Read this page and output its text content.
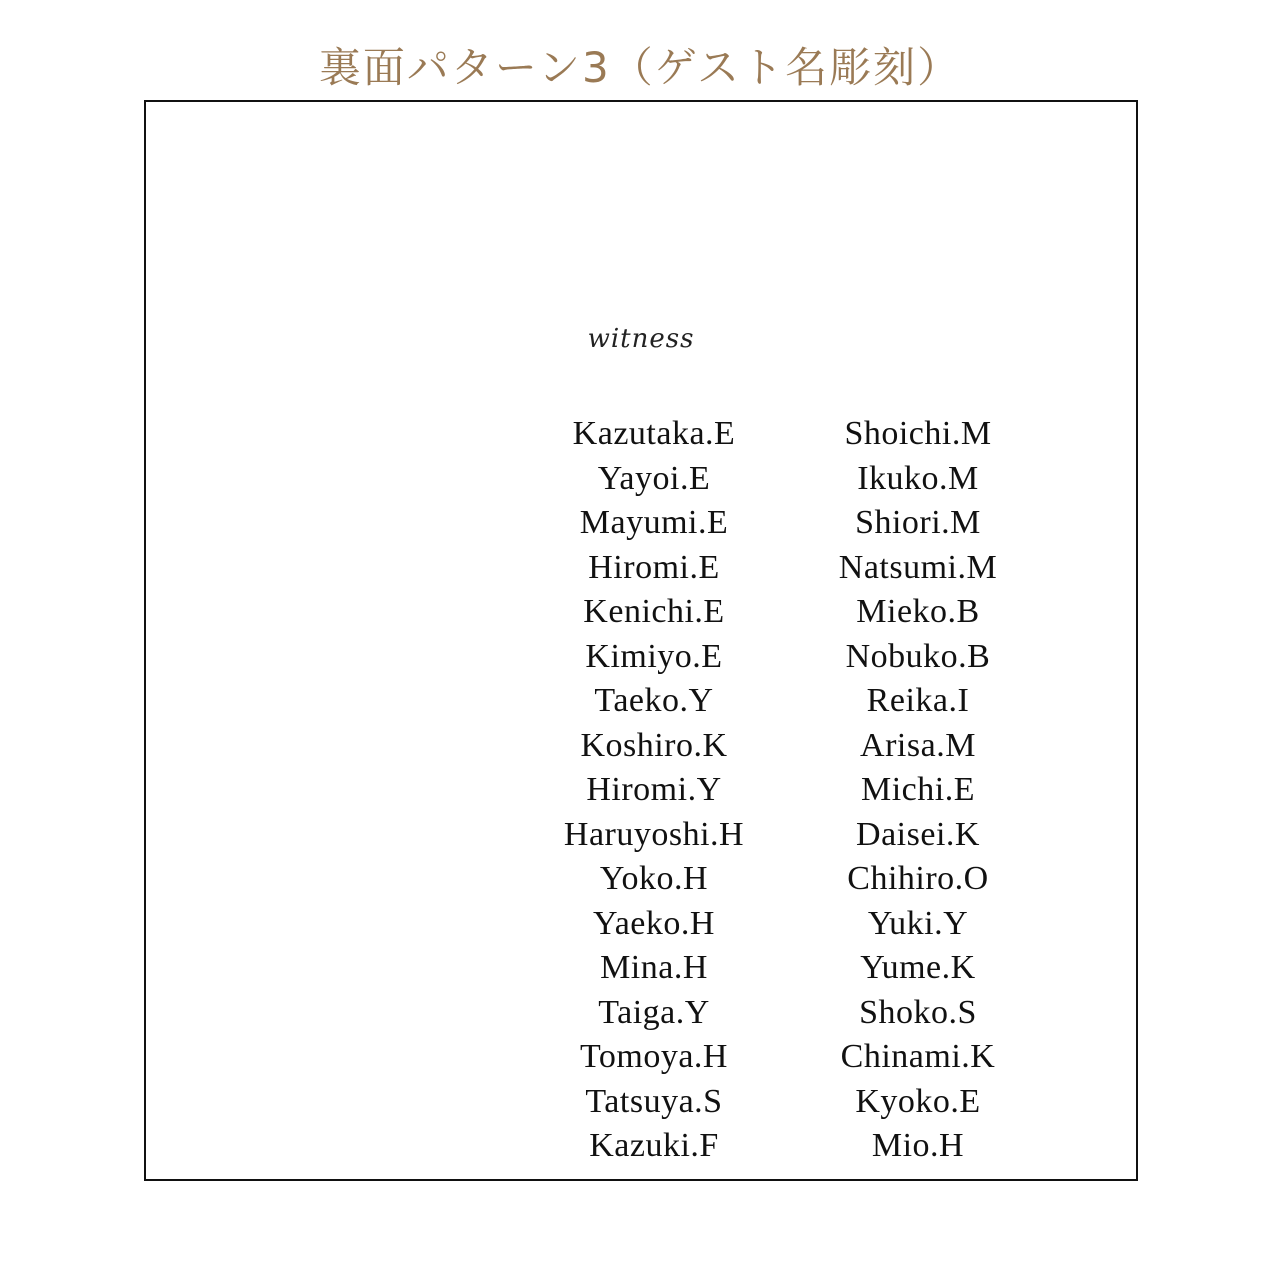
裏面パターン3（ゲスト名彫刻）
witness
Kazutaka.E
Yayoi.E
Mayumi.E
Hiromi.E
Kenichi.E
Kimiyo.E
Taeko.Y
Koshiro.K
Hiromi.Y
Haruyoshi.H
Yoko.H
Yaeko.H
Mina.H
Taiga.Y
Tomoya.H
Tatsuya.S
Kazuki.F
Shoichi.M
Ikuko.M
Shiori.M
Natsumi.M
Mieko.B
Nobuko.B
Reika.I
Arisa.M
Michi.E
Daisei.K
Chihiro.O
Yuki.Y
Yume.K
Shoko.S
Chinami.K
Kyoko.E
Mio.H
